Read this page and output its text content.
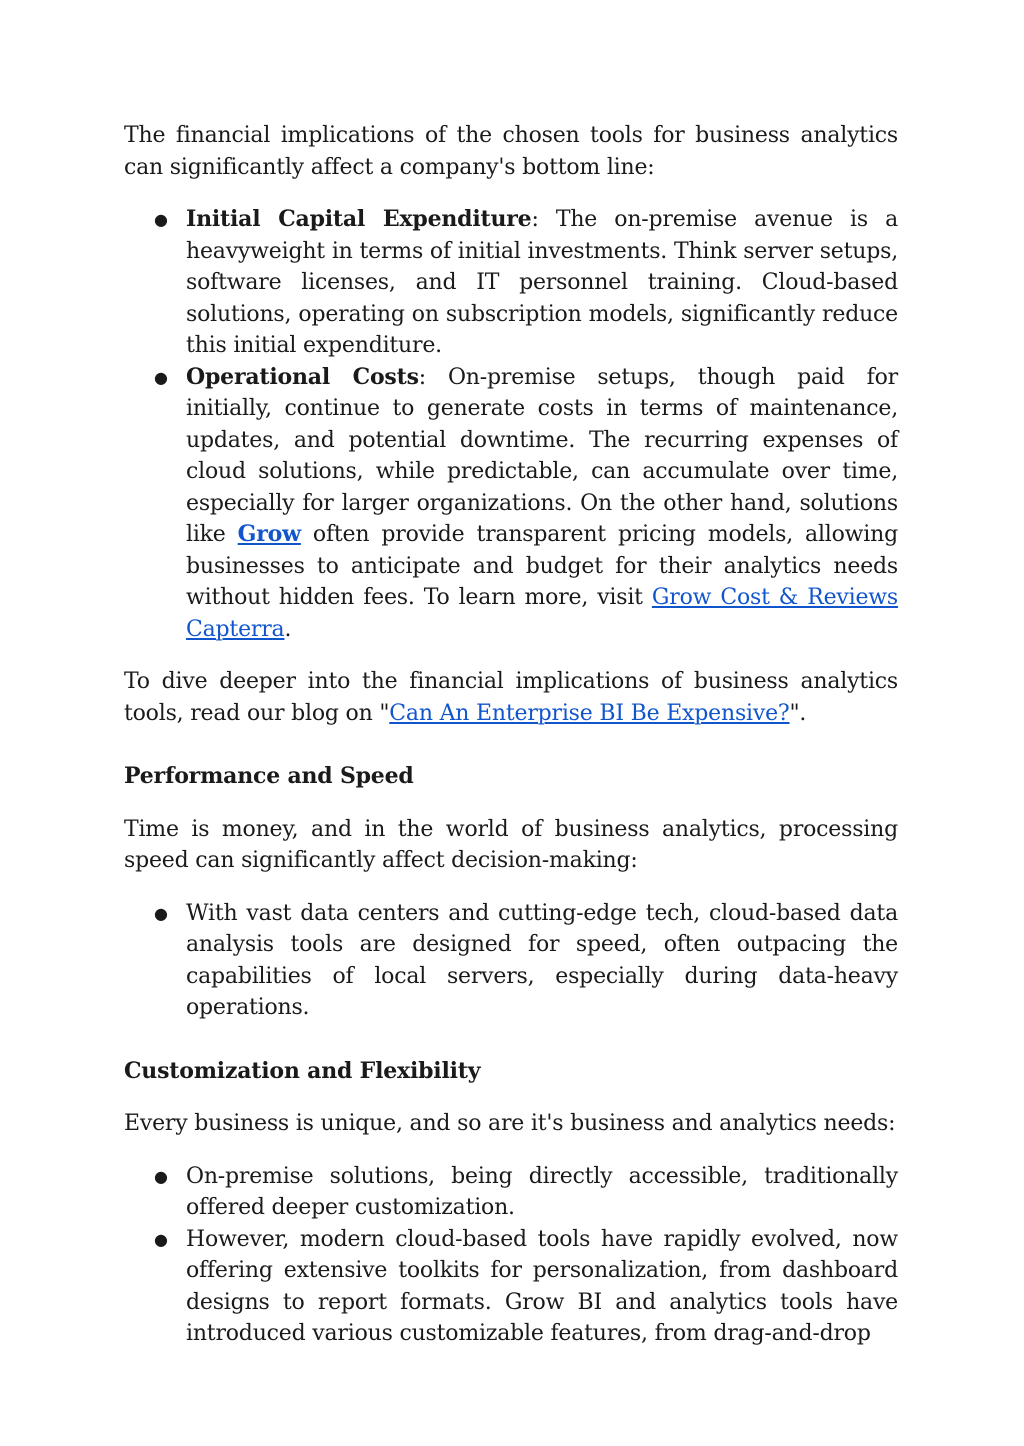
The financial implications of the chosen tools for business analytics can significantly affect a company's bottom line:

● Initial Capital Expenditure: The on-premise avenue is a heavyweight in terms of initial investments. Think server setups, software licenses, and IT personnel training. Cloud-based solutions, operating on subscription models, significantly reduce this initial expenditure.
● Operational Costs: On-premise setups, though paid for initially, continue to generate costs in terms of maintenance, updates, and potential downtime. The recurring expenses of cloud solutions, while predictable, can accumulate over time, especially for larger organizations. On the other hand, solutions like Grow often provide transparent pricing models, allowing businesses to anticipate and budget for their analytics needs without hidden fees. To learn more, visit Grow Cost & Reviews Capterra.

To dive deeper into the financial implications of business analytics tools, read our blog on "Can An Enterprise BI Be Expensive?".

Performance and Speed

Time is money, and in the world of business analytics, processing speed can significantly affect decision-making:

● With vast data centers and cutting-edge tech, cloud-based data analysis tools are designed for speed, often outpacing the capabilities of local servers, especially during data-heavy operations.
Customization and Flexibility

Every business is unique, and so are it's business and analytics needs:

● On-premise solutions, being directly accessible, traditionally offered deeper customization.
● However, modern cloud-based tools have rapidly evolved, now offering extensive toolkits for personalization, from dashboard designs to report formats. Grow BI and analytics tools have introduced various customizable features, from drag-and-drop
